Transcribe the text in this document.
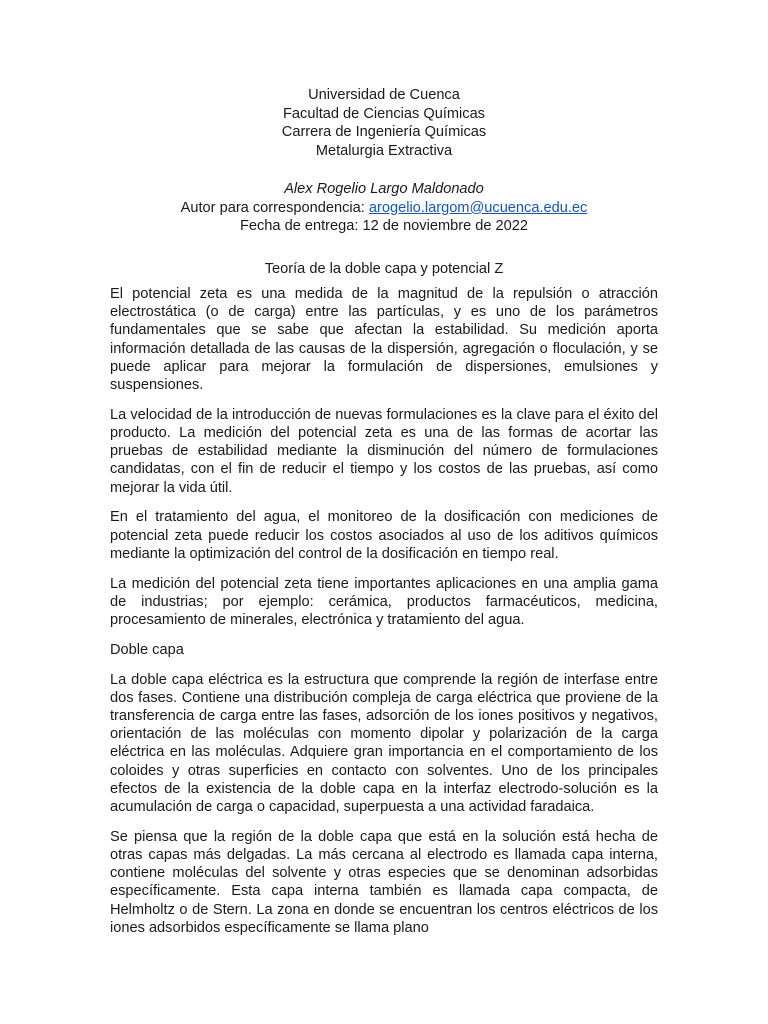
Universidad de Cuenca
Facultad de Ciencias Químicas
Carrera de Ingeniería Químicas
Metalurgia Extractiva
Alex Rogelio Largo Maldonado
Autor para correspondencia: arogelio.largom@ucuenca.edu.ec
Fecha de entrega: 12 de noviembre de 2022
Teoría de la doble capa y potencial Z

El potencial zeta es una medida de la magnitud de la repulsión o atracción electrostática (o de carga) entre las partículas, y es uno de los parámetros fundamentales que se sabe que afectan la estabilidad. Su medición aporta información detallada de las causas de la dispersión, agregación o floculación, y se puede aplicar para mejorar la formulación de dispersiones, emulsiones y suspensiones.

La velocidad de la introducción de nuevas formulaciones es la clave para el éxito del producto. La medición del potencial zeta es una de las formas de acortar las pruebas de estabilidad mediante la disminución del número de formulaciones candidatas, con el fin de reducir el tiempo y los costos de las pruebas, así como mejorar la vida útil.

En el tratamiento del agua, el monitoreo de la dosificación con mediciones de potencial zeta puede reducir los costos asociados al uso de los aditivos químicos mediante la optimización del control de la dosificación en tiempo real.

La medición del potencial zeta tiene importantes aplicaciones en una amplia gama de industrias; por ejemplo: cerámica, productos farmacéuticos, medicina, procesamiento de minerales, electrónica y tratamiento del agua.

Doble capa

La doble capa eléctrica es la estructura que comprende la región de interfase entre dos fases. Contiene una distribución compleja de carga eléctrica que proviene de la transferencia de carga entre las fases, adsorción de los iones positivos y negativos, orientación de las moléculas con momento dipolar y polarización de la carga eléctrica en las moléculas. Adquiere gran importancia en el comportamiento de los coloides y otras superficies en contacto con solventes. Uno de los principales efectos de la existencia de la doble capa en la interfaz electrodo-solución es la acumulación de carga o capacidad, superpuesta a una actividad faradaica.

Se piensa que la región de la doble capa que está en la solución está hecha de otras capas más delgadas. La más cercana al electrodo es llamada capa interna, contiene moléculas del solvente y otras especies que se denominan adsorbidas específicamente. Esta capa interna también es llamada capa compacta, de Helmholtz o de Stern. La zona en donde se encuentran los centros eléctricos de los iones adsorbidos específicamente se llama plano
